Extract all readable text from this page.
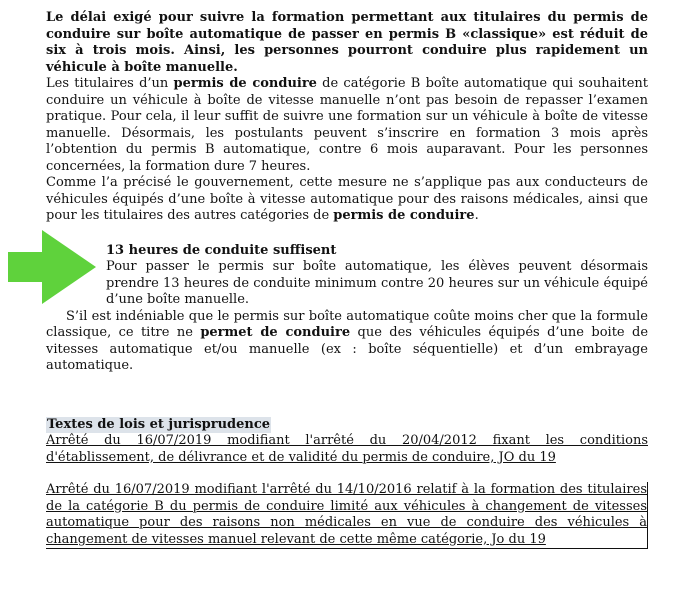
Le délai exigé pour suivre la formation permettant aux titulaires du permis de conduire sur boîte automatique de passer en permis B «classique» est réduit de six à trois mois. Ainsi, les personnes pourront conduire plus rapidement un véhicule à boîte manuelle.

Les titulaires d’un permis de conduire de catégorie B boîte automatique qui souhaitent conduire un véhicule à boîte de vitesse manuelle n’ont pas besoin de repasser l’examen pratique. Pour cela, il leur suffit de suivre une formation sur un véhicule à boîte de vitesse manuelle. Désormais, les postulants peuvent s’inscrire en formation 3 mois après l’obtention du permis B automatique, contre 6 mois auparavant. Pour les personnes concernées, la formation dure 7 heures.

Comme l’a précisé le gouvernement, cette mesure ne s’applique pas aux conducteurs de véhicules équipés d’une boîte à vitesse automatique pour des raisons médicales, ainsi que pour les titulaires des autres catégories de permis de conduire.

13 heures de conduite suffisent

Pour passer le permis sur boîte automatique, les élèves peuvent désormais prendre 13 heures de conduite minimum contre 20 heures sur un véhicule équipé d’une boîte manuelle.

S’il est indéniable que le permis sur boîte automatique coûte moins cher que la formule classique, ce titre ne permet de conduire que des véhicules équipés d’une boite de vitesses automatique et/ou manuelle (ex : boîte séquentielle) et d’un embrayage automatique.

Textes de lois et jurisprudence

Arrêté du 16/07/2019 modifiant l'arrêté du 20/04/2012 fixant les conditions d'établissement, de délivrance et de validité du permis de conduire, JO du 19

Arrêté du 16/07/2019 modifiant l'arrêté du 14/10/2016 relatif à la formation des titulaires de la catégorie B du permis de conduire limité aux véhicules à changement de vitesses automatique pour des raisons non médicales en vue de conduire des véhicules à changement de vitesses manuel relevant de cette même catégorie, Jo du 19
